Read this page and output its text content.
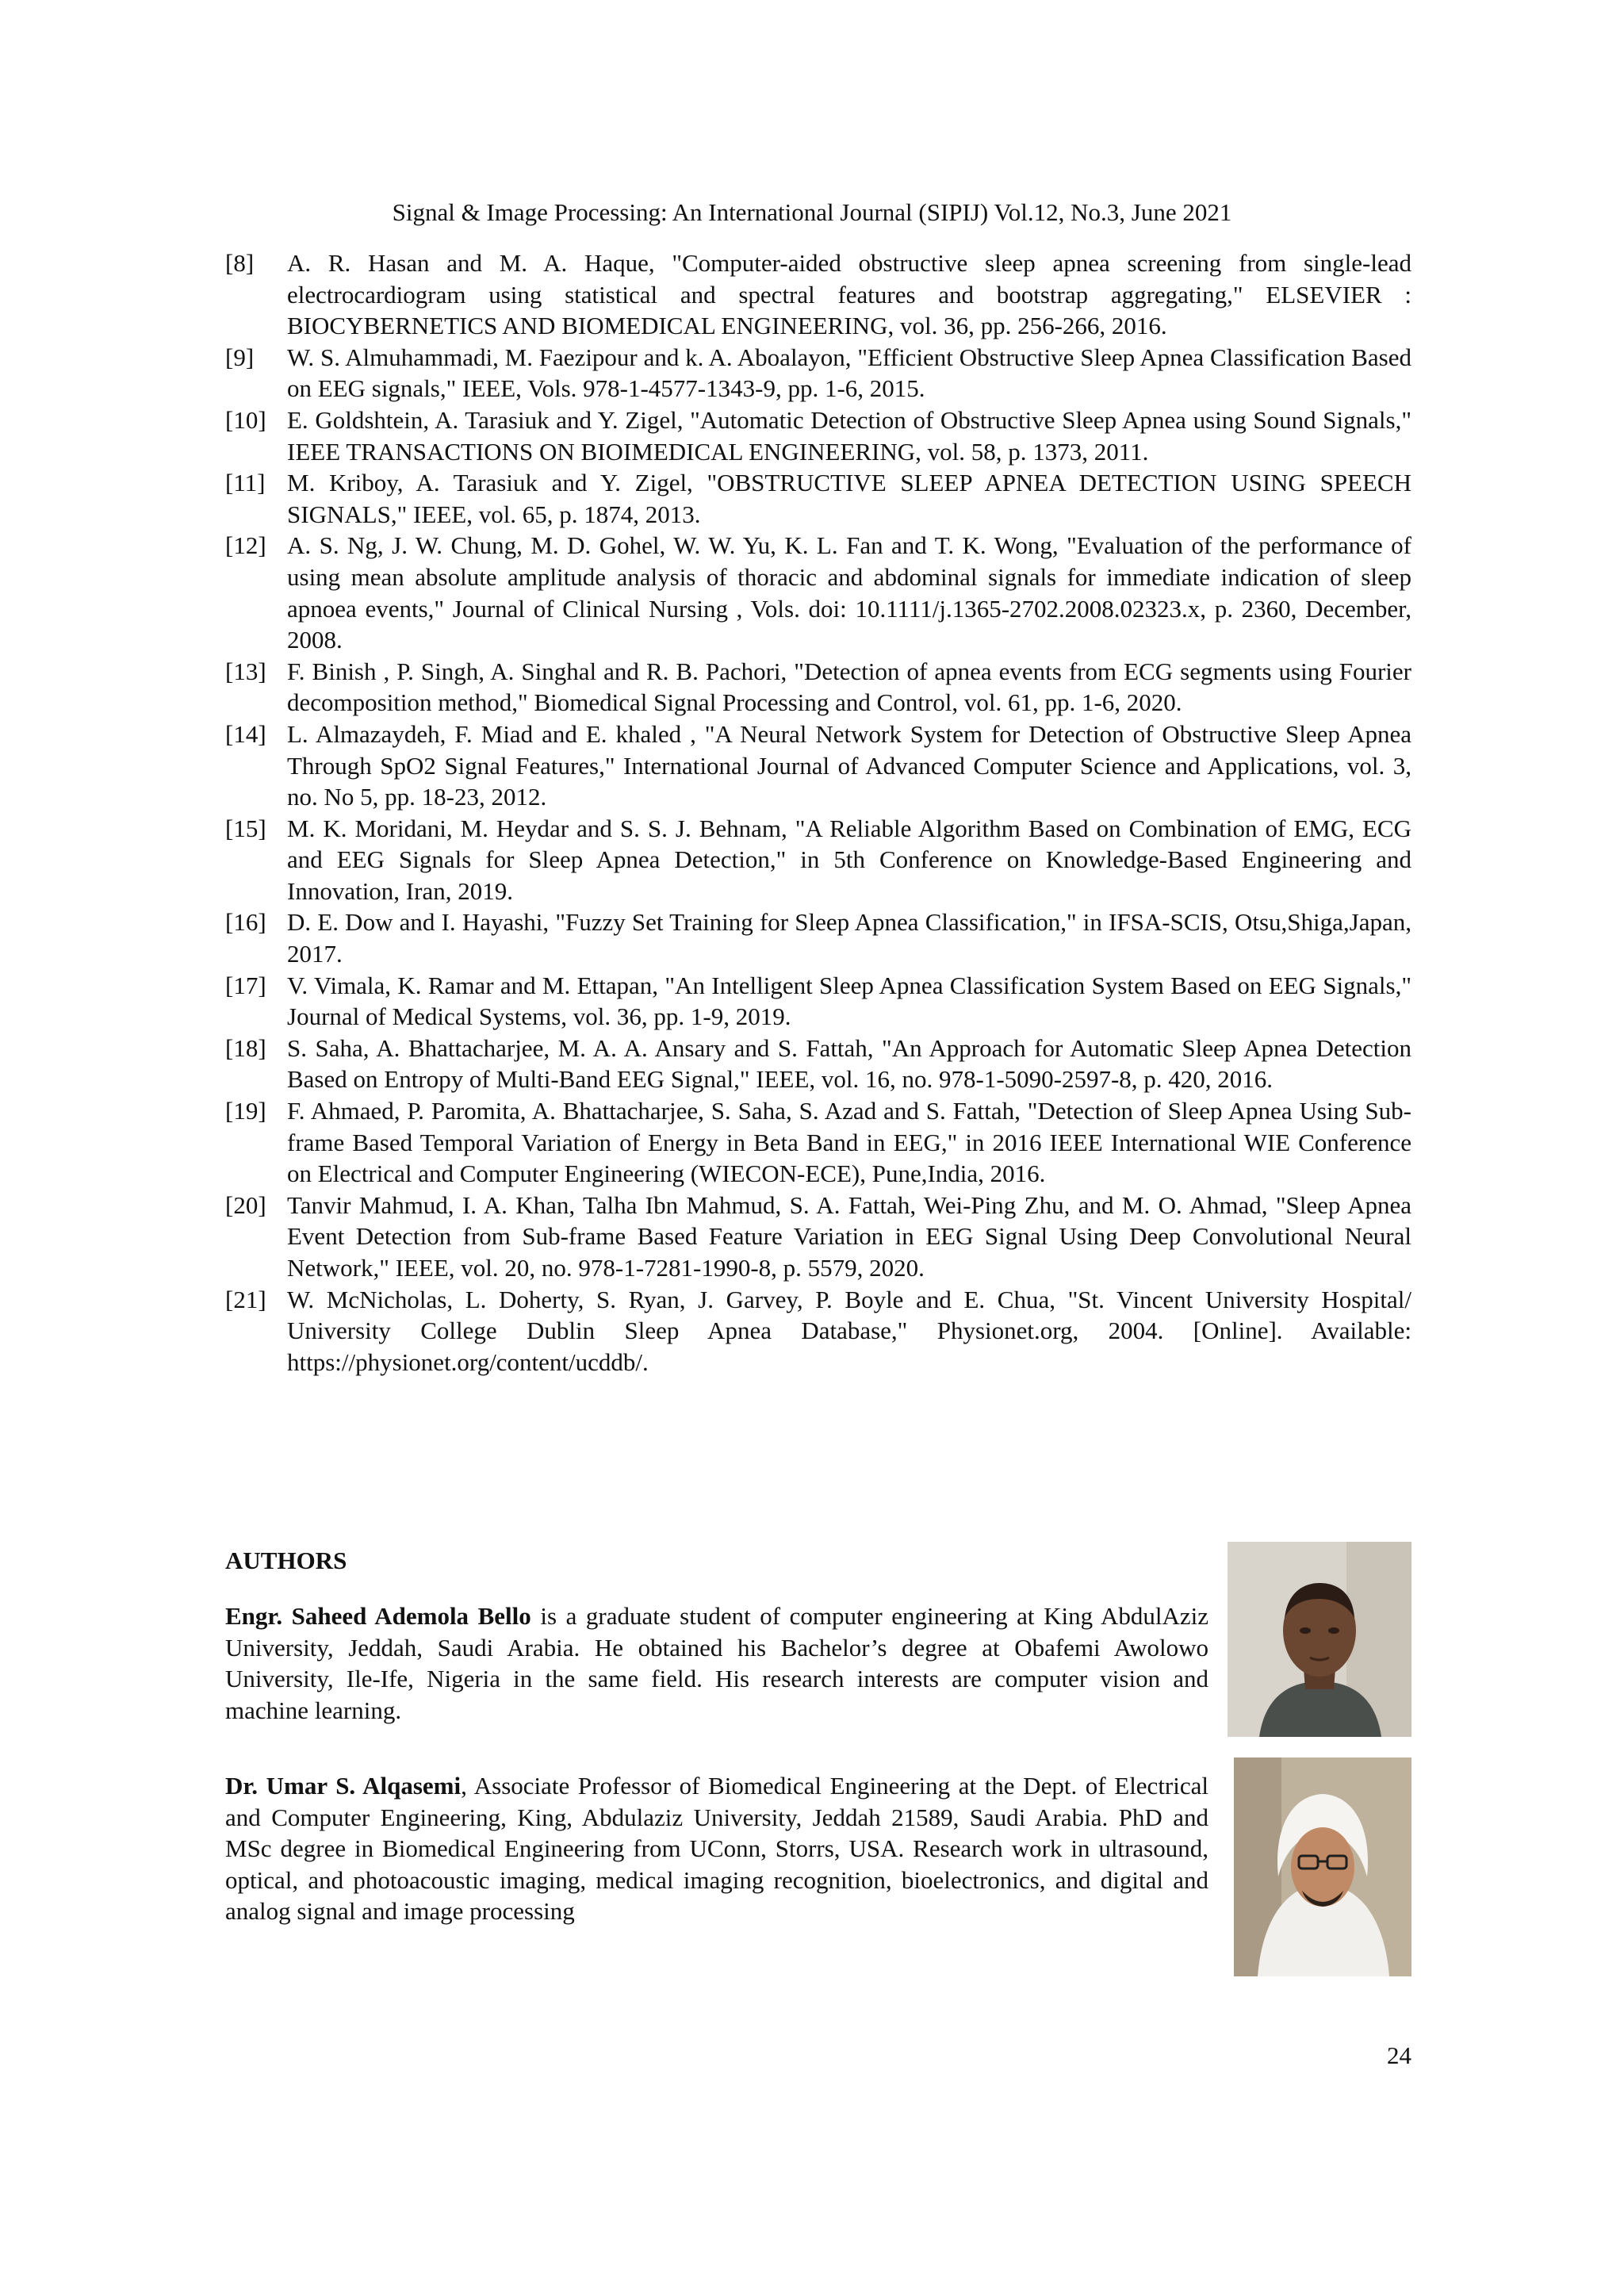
Signal & Image Processing: An International Journal (SIPIJ) Vol.12, No.3, June 2021
[8] A. R. Hasan and M. A. Haque, "Computer-aided obstructive sleep apnea screening from single-lead electrocardiogram using statistical and spectral features and bootstrap aggregating," ELSEVIER : BIOCYBERNETICS AND BIOMEDICAL ENGINEERING, vol. 36, pp. 256-266, 2016.
[9] W. S. Almuhammadi, M. Faezipour and k. A. Aboalayon, "Efficient Obstructive Sleep Apnea Classification Based on EEG signals," IEEE, Vols. 978-1-4577-1343-9, pp. 1-6, 2015.
[10] E. Goldshtein, A. Tarasiuk and Y. Zigel, "Automatic Detection of Obstructive Sleep Apnea using Sound Signals," IEEE TRANSACTIONS ON BIOIMEDICAL ENGINEERING, vol. 58, p. 1373, 2011.
[11] M. Kriboy, A. Tarasiuk and Y. Zigel, "OBSTRUCTIVE SLEEP APNEA DETECTION USING SPEECH SIGNALS," IEEE, vol. 65, p. 1874, 2013.
[12] A. S. Ng, J. W. Chung, M. D. Gohel, W. W. Yu, K. L. Fan and T. K. Wong, "Evaluation of the performance of using mean absolute amplitude analysis of thoracic and abdominal signals for immediate indication of sleep apnoea events," Journal of Clinical Nursing , Vols. doi: 10.1111/j.1365-2702.2008.02323.x, p. 2360, December, 2008.
[13] F. Binish , P. Singh, A. Singhal and R. B. Pachori, "Detection of apnea events from ECG segments using Fourier decomposition method," Biomedical Signal Processing and Control, vol. 61, pp. 1-6, 2020.
[14] L. Almazaydeh, F. Miad and E. khaled , "A Neural Network System for Detection of Obstructive Sleep Apnea Through SpO2 Signal Features," International Journal of Advanced Computer Science and Applications, vol. 3, no. No 5, pp. 18-23, 2012.
[15] M. K. Moridani, M. Heydar and S. S. J. Behnam, "A Reliable Algorithm Based on Combination of EMG, ECG and EEG Signals for Sleep Apnea Detection," in 5th Conference on Knowledge-Based Engineering and Innovation, Iran, 2019.
[16] D. E. Dow and I. Hayashi, "Fuzzy Set Training for Sleep Apnea Classification," in IFSA-SCIS, Otsu,Shiga,Japan, 2017.
[17] V. Vimala, K. Ramar and M. Ettapan, "An Intelligent Sleep Apnea Classification System Based on EEG Signals," Journal of Medical Systems, vol. 36, pp. 1-9, 2019.
[18] S. Saha, A. Bhattacharjee, M. A. A. Ansary and S. Fattah, "An Approach for Automatic Sleep Apnea Detection Based on Entropy of Multi-Band EEG Signal," IEEE, vol. 16, no. 978-1-5090-2597-8, p. 420, 2016.
[19] F. Ahmaed, P. Paromita, A. Bhattacharjee, S. Saha, S. Azad and S. Fattah, "Detection of Sleep Apnea Using Sub-frame Based Temporal Variation of Energy in Beta Band in EEG," in 2016 IEEE International WIE Conference on Electrical and Computer Engineering (WIECON-ECE), Pune,India, 2016.
[20] Tanvir Mahmud, I. A. Khan, Talha Ibn Mahmud, S. A. Fattah, Wei-Ping Zhu, and M. O. Ahmad, "Sleep Apnea Event Detection from Sub-frame Based Feature Variation in EEG Signal Using Deep Convolutional Neural Network," IEEE, vol. 20, no. 978-1-7281-1990-8, p. 5579, 2020.
[21] W. McNicholas, L. Doherty, S. Ryan, J. Garvey, P. Boyle and E. Chua, "St. Vincent University Hospital/ University College Dublin Sleep Apnea Database," Physionet.org, 2004. [Online]. Available: https://physionet.org/content/ucddb/.
AUTHORS
Engr. Saheed Ademola Bello is a graduate student of computer engineering at King AbdulAziz University, Jeddah, Saudi Arabia. He obtained his Bachelor’s degree at Obafemi Awolowo University, Ile-Ife, Nigeria in the same field. His research interests are computer vision and machine learning.
Dr. Umar S. Alqasemi, Associate Professor of Biomedical Engineering at the Dept. of Electrical and Computer Engineering, King, Abdulaziz University, Jeddah 21589, Saudi Arabia. PhD and MSc degree in Biomedical Engineering from UConn, Storrs, USA. Research work in ultrasound, optical, and photoacoustic imaging, medical imaging recognition, bioelectronics, and digital and analog signal and image processing
24
